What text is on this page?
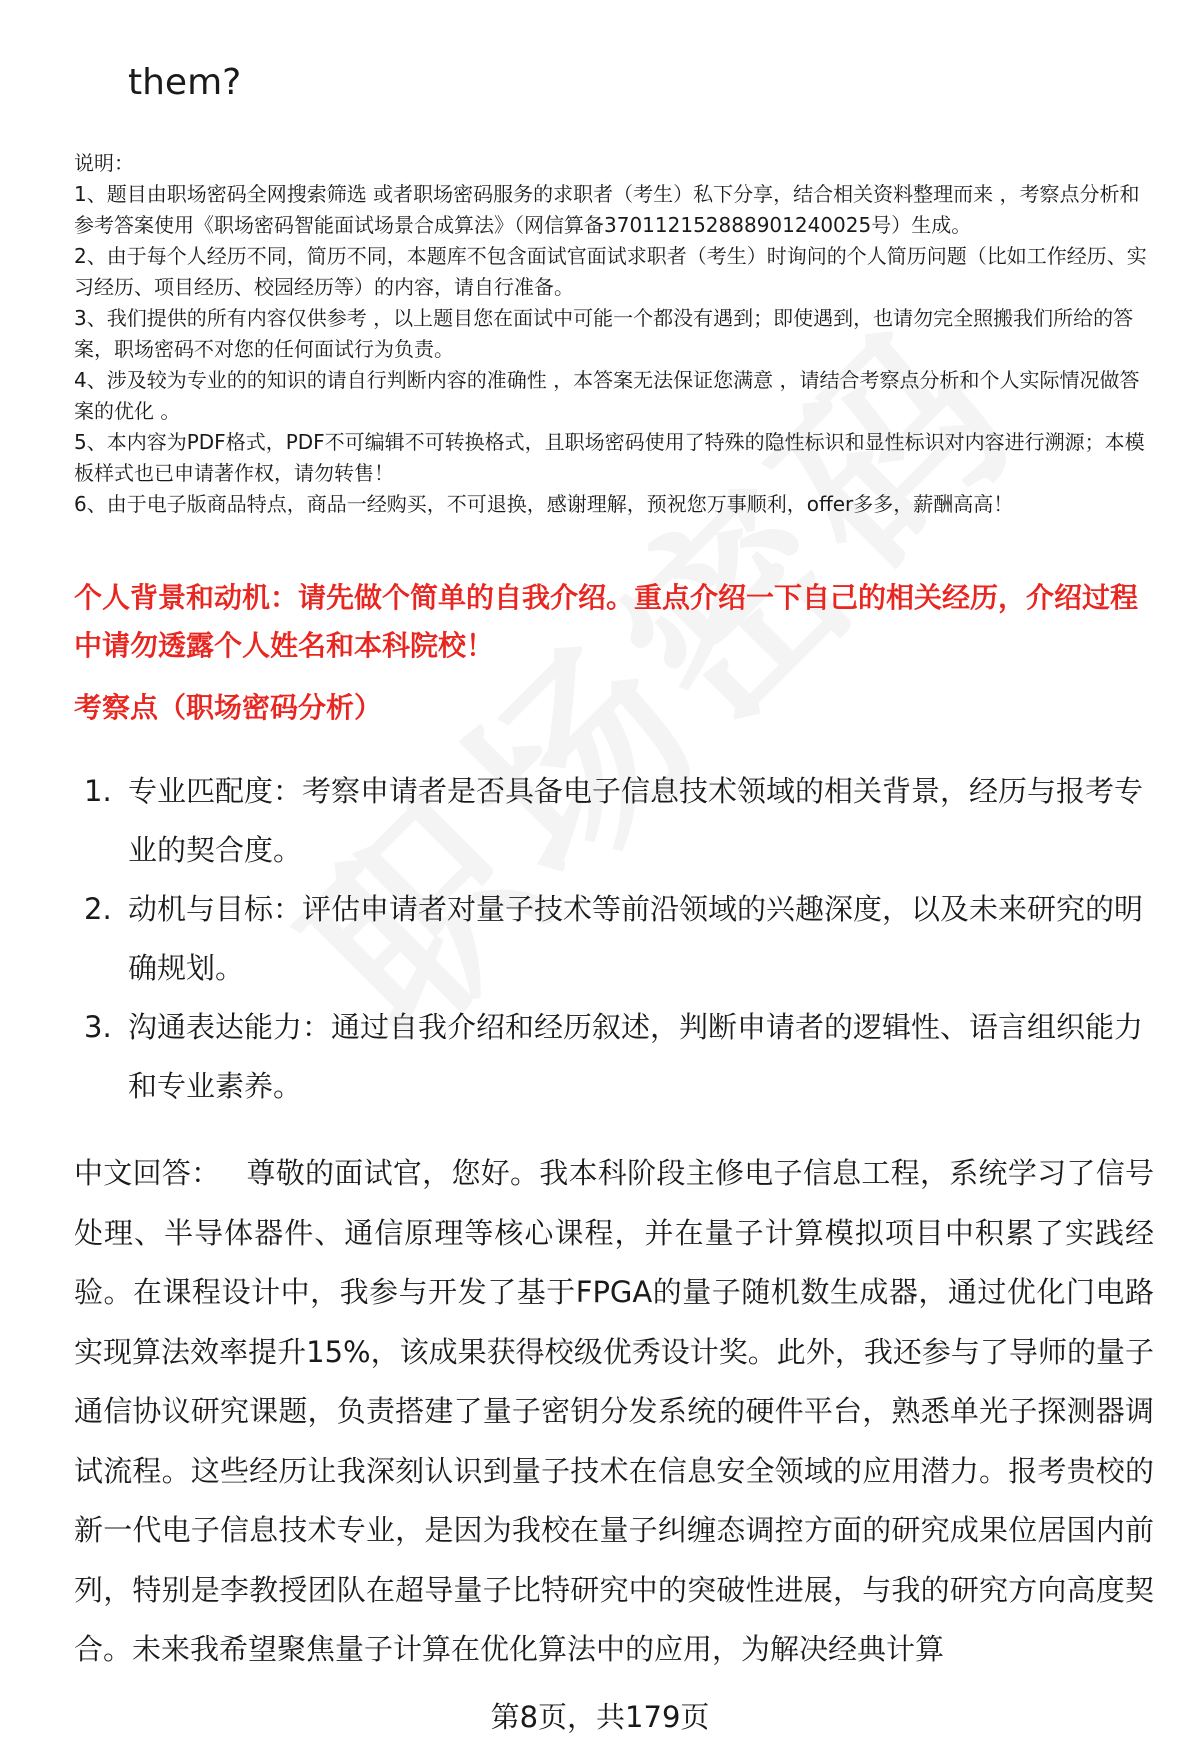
them?

说明：

1、题目由职场密码全网搜索筛选 或者职场密码服务的求职者（考生）私下分享，结合相关资料整理而来 ，考察点分析和参考答案使用《职场密码智能面试场景合成算法》（网信算备370112152888901240025号）生成。

2、由于每个人经历不同，简历不同，本题库不包含面试官面试求职者（考生）时询问的个人简历问题（比如工作经历、实习经历、项目经历、校园经历等）的内容，请自行准备。

3、我们提供的所有内容仅供参考 ，以上题目您在面试中可能一个都没有遇到；即使遇到，也请勿完全照搬我们所给的答案，职场密码不对您的任何面试行为负责。

4、涉及较为专业的的知识的请自行判断内容的准确性 ，本答案无法保证您满意 ，请结合考察点分析和个人实际情况做答案的优化 。

5、本内容为PDF格式，PDF不可编辑不可转换格式，且职场密码使用了特殊的隐性标识和显性标识对内容进行溯源；本模板样式也已申请著作权，请勿转售！

6、由于电子版商品特点，商品一经购买，不可退换，感谢理解，预祝您万事顺利，offer多多，薪酬高高！

个人背景和动机：请先做个简单的自我介绍。重点介绍一下自己的相关经历，介绍过程中请勿透露个人姓名和本科院校！

考察点（职场密码分析）

1. 专业匹配度：考察申请者是否具备电子信息技术领域的相关背景，经历与报考专业的契合度。
2. 动机与目标：评估申请者对量子技术等前沿领域的兴趣深度，以及未来研究的明确规划。
3. 沟通表达能力：通过自我介绍和经历叙述，判断申请者的逻辑性、语言组织能力和专业素养。

中文回答： 尊敬的面试官，您好。我本科阶段主修电子信息工程，系统学习了信号处理、半导体器件、通信原理等核心课程，并在量子计算模拟项目中积累了实践经验。在课程设计中，我参与开发了基于FPGA的量子随机数生成器，通过优化门电路实现算法效率提升15%，该成果获得校级优秀设计奖。此外，我还参与了导师的量子通信协议研究课题，负责搭建了量子密钥分发系统的硬件平台，熟悉单光子探测器调试流程。这些经历让我深刻认识到量子技术在信息安全领域的应用潜力。报考贵校的新一代电子信息技术专业，是因为我校在量子纠缠态调控方面的研究成果位居国内前列，特别是李教授团队在超导量子比特研究中的突破性进展，与我的研究方向高度契合。未来我希望聚焦量子计算在优化算法中的应用，为解决经典计算

第8页，共179页
